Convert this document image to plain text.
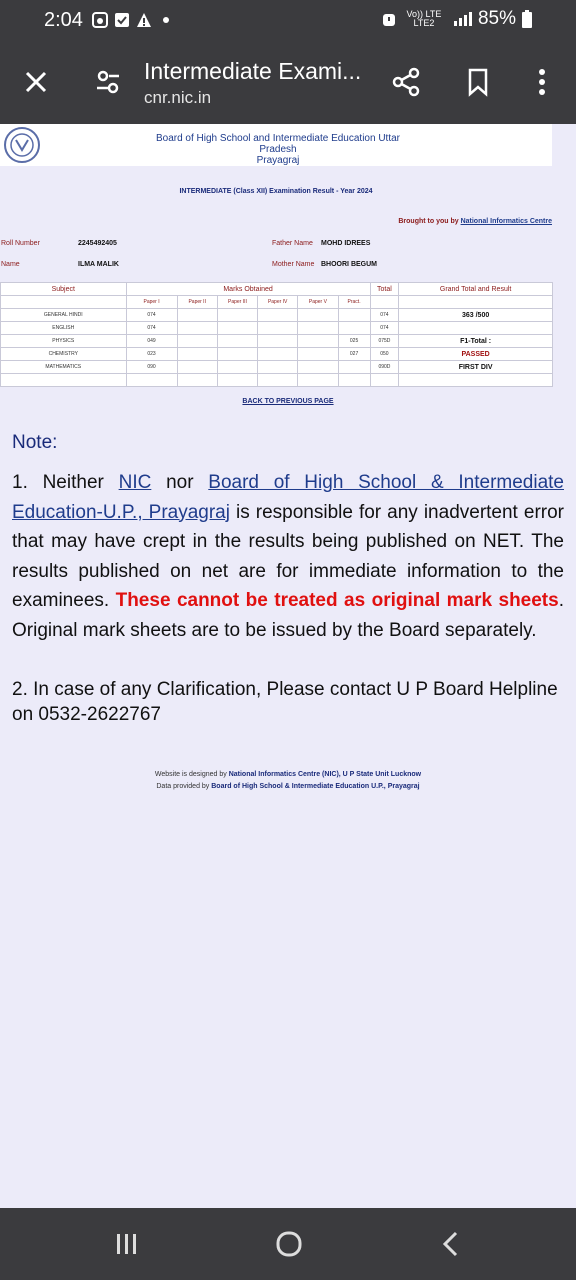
2:04	Vo)) LTE LTE2	85%
Intermediate Exami...
cnr.nic.in
Board of High School and Intermediate Education Uttar Pradesh
Prayagraj
INTERMEDIATE (Class XII) Examination Result - Year 2024
Brought to you by National Informatics Centre
Roll Number	2245492405	Father Name MOHD IDREES
Name	ILMA MALIK	Mother Name BHOORI BEGUM
Subject	Marks Obtained						Total	Grand Total and Result
	Paper I	Paper II	Paper III	Paper IV	Paper V	Pract.		
GENERAL HINDI	074						074	363 /500
ENGLISH	074						074	
PHYSICS	049					025	075D	F1-Total :
CHEMISTRY	023					027	050	PASSED
MATHEMATICS	090						090D	FIRST DIV

BACK TO PREVIOUS PAGE
Note:
1. Neither NIC nor Board of High School & Intermediate Education-U.P., Prayagraj is responsible for any inadvertent error that may have crept in the results being published on NET. The results published on net are for immediate information to the examinees. These cannot be treated as original mark sheets. Original mark sheets are to be issued by the Board separately.
2. In case of any Clarification, Please contact U P Board Helpline on 0532-2622767
Website is designed by National Informatics Centre (NIC), U P State Unit Lucknow
Data provided by Board of High School & Intermediate Education U.P., Prayagraj
